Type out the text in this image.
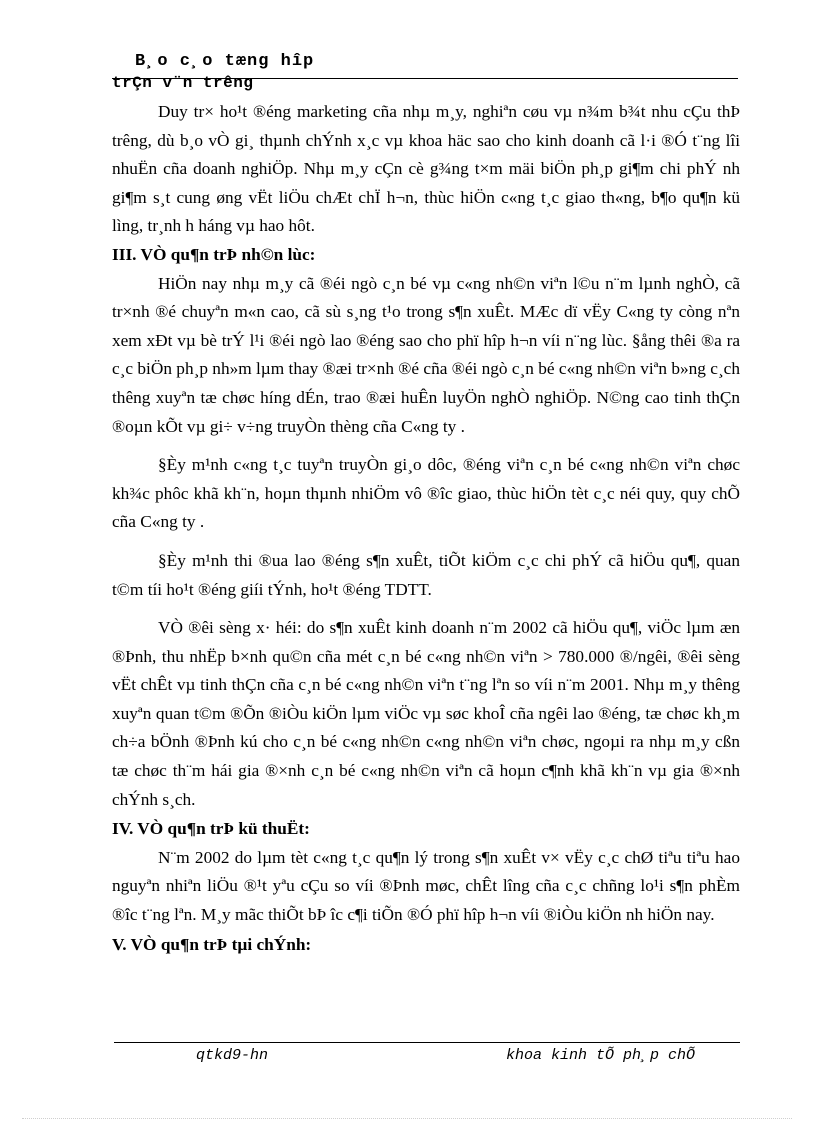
B¸o c¸o tæng hîp

trÇn v¨n trêng

Duy tr× ho¹t ®éng marketing cña nhµ m¸y, nghiªn cøu vµ n¾m b¾t nhu cÇu thÞ trêng, dù b¸o vÒ gi¸ thµnh chÝnh x¸c vµ khoa häc sao cho kinh doanh cã l·i ®Ó t¨ng lîi nhuËn cña doanh nghiÖp. Nhµ m¸y cÇn cè g¾ng t×m mäi biÖn ph¸p gi¶m chi phÝ nh gi¶m s¸t cung øng vËt liÖu chÆt chÏ h¬n, thùc hiÖn c«ng t¸c giao th«ng, b¶o qu¶n kü lìng, tr¸nh h háng vµ hao hôt.

III. VÒ qu¶n trÞ nh©n lùc:

HiÖn nay nhµ m¸y cã ®éi ngò c¸n bé vµ c«ng nh©n viªn l©u n¨m lµnh nghÒ, cã tr×nh ®é chuyªn m«n cao, cã sù s¸ng t¹o trong s¶n xuÊt. MÆc dï vËy C«ng ty còng nªn xem xÐt vµ bè trÝ l¹i ®éi ngò lao ®éng sao cho phï hîp h¬n víi n¨ng lùc. §ång thêi ®a ra c¸c biÖn ph¸p nh»m lµm thay ®æi tr×nh ®é cña ®éi ngò c¸n bé c«ng nh©n viªn b»ng c¸ch thêng xuyªn tæ chøc híng dÉn, trao ®æi huÊn luyÖn nghÒ nghiÖp. N©ng cao tinh thÇn ®oµn kÕt vµ gi÷ v÷ng truyÒn thèng cña C«ng ty .

§Èy m¹nh c«ng t¸c tuyªn truyÒn gi¸o dôc, ®éng viªn c¸n bé c«ng nh©n viªn chøc kh¾c phôc khã kh¨n, hoµn thµnh nhiÖm vô ®îc giao, thùc hiÖn tèt c¸c néi quy, quy chÕ cña C«ng ty .

§Èy m¹nh thi ®ua lao ®éng s¶n xuÊt, tiÕt kiÖm c¸c chi phÝ cã hiÖu qu¶, quan t©m tíi ho¹t ®éng giíi tÝnh, ho¹t ®éng TDTT.

VÒ ®êi sèng x· héi: do s¶n xuÊt kinh doanh n¨m 2002 cã hiÖu qu¶, viÖc lµm æn ®Þnh, thu nhËp b×nh qu©n cña mét c¸n bé c«ng nh©n viªn > 780.000 ®/ngêi, ®êi sèng vËt chÊt vµ tinh thÇn cña c¸n bé c«ng nh©n viªn t¨ng lªn so víi n¨m 2001. Nhµ m¸y thêng xuyªn quan t©m ®Õn ®iÒu kiÖn lµm viÖc vµ søc khoÎ cña ngêi lao ®éng, tæ chøc kh¸m ch÷a bÖnh ®Þnh kú cho c¸n bé c«ng nh©n c«ng nh©n viªn chøc, ngoµi ra nhµ m¸y cßn tæ chøc th¨m hái gia ®×nh c¸n bé c«ng nh©n viªn cã hoµn c¶nh khã kh¨n vµ gia ®×nh chÝnh s¸ch.

IV. VÒ qu¶n trÞ kü thuËt:

N¨m 2002 do lµm tèt c«ng t¸c qu¶n lý trong s¶n xuÊt v× vËy c¸c chØ tiªu tiªu hao nguyªn nhiªn liÖu ®¹t yªu cÇu so víi ®Þnh møc, chÊt lîng cña c¸c chñng lo¹i s¶n phÈm ®îc t¨ng lªn. M¸y mãc thiÕt bÞ îc c¶i tiÕn ®Ó phï hîp h¬n víi ®iÒu kiÖn nh hiÖn nay.

V. VÒ qu¶n trÞ tµi chÝnh:

qtkd9-hn	khoa kinh tÕ ph¸p chÕ
